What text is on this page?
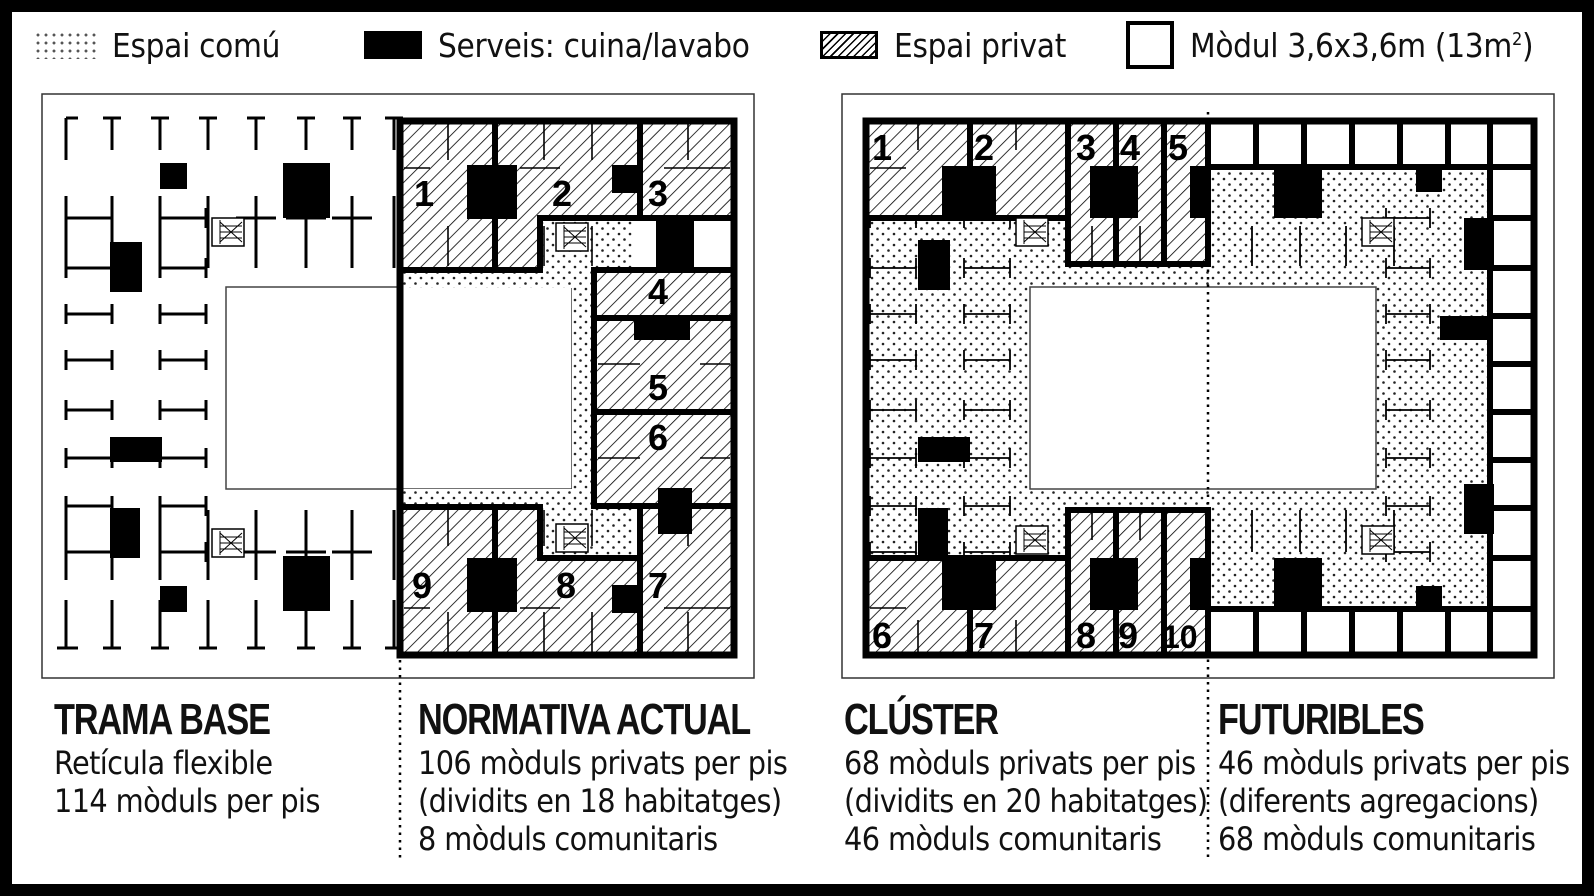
Espai comú	Serveis: cuina/lavabo	Espai privat	Mòdul 3,6x3,6m $(13m^2)$
1	2 3
4
5
6
7
8
9
1 2 3 4 5
6 7 8 9 10
TRAMA BASE
Retícula flexible
114 mòduls per pis
NORMATIVA ACTUAL
106 mòduls privats per pis
(dividits en 18 habitatges)
8 mòduls comunitaris
CLÚSTER
68 mòduls privats per pis
(dividits en 20 habitatges)
46 mòduls comunitaris
FUTURIBLES
46 mòduls privats per pis
(diferents agregacions)
68 mòduls comunitaris
